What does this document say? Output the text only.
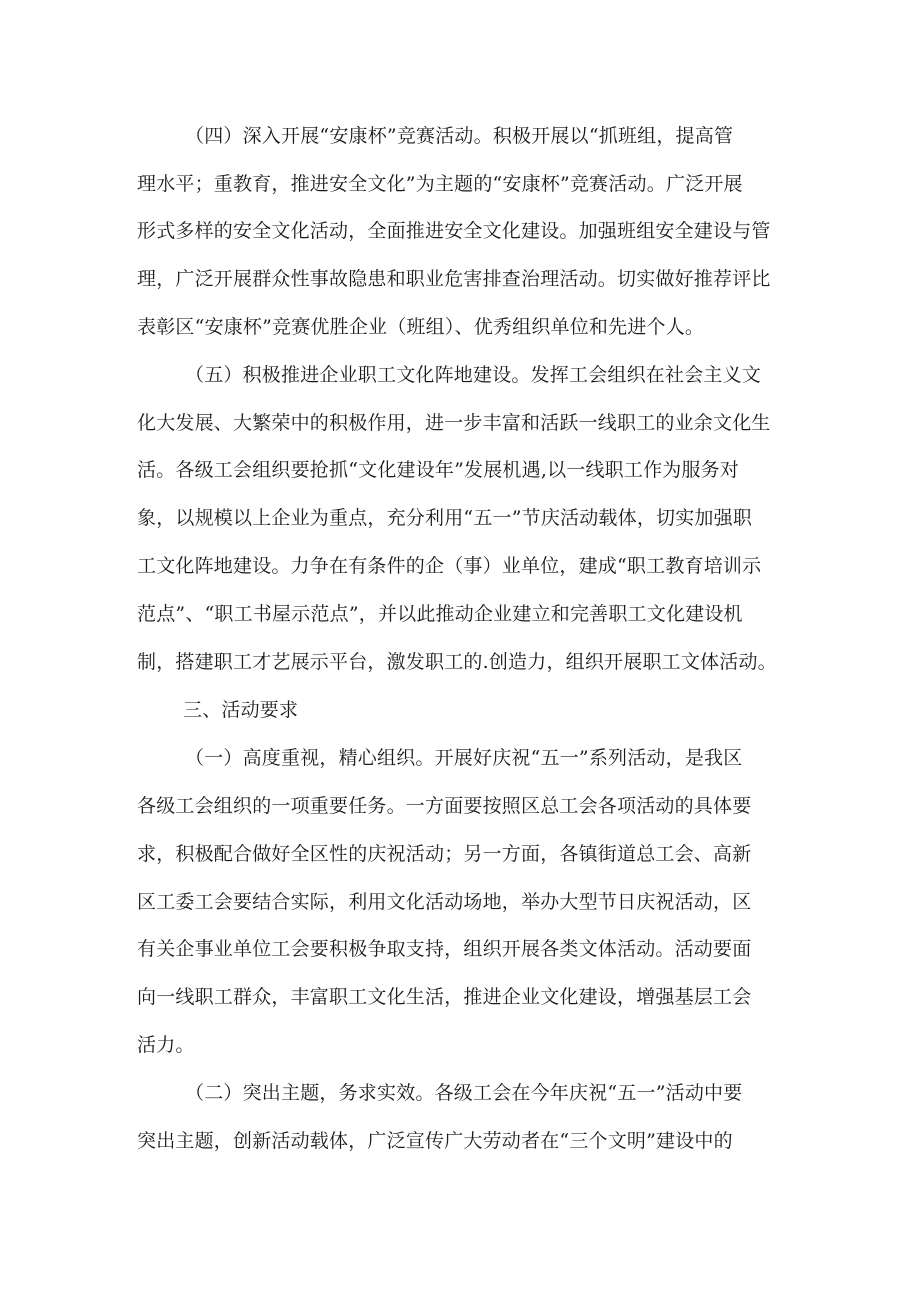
（四）深入开展“安康杯”竞赛活动。积极开展以“抓班组，提高管
理水平；重教育，推进安全文化”为主题的“安康杯”竞赛活动。广泛开展
形式多样的安全文化活动，全面推进安全文化建设。加强班组安全建设与管
理，广泛开展群众性事故隐患和职业危害排查治理活动。切实做好推荐评比
表彰区“安康杯”竞赛优胜企业（班组）、优秀组织单位和先进个人。
（五）积极推进企业职工文化阵地建设。发挥工会组织在社会主义文
化大发展、大繁荣中的积极作用，进一步丰富和活跃一线职工的业余文化生
活。各级工会组织要抢抓“文化建设年”发展机遇,以一线职工作为服务对
象，以规模以上企业为重点，充分利用“五一”节庆活动载体，切实加强职
工文化阵地建设。力争在有条件的企（事）业单位，建成“职工教育培训示
范点”、“职工书屋示范点”，并以此推动企业建立和完善职工文化建设机
制，搭建职工才艺展示平台，激发职工的.创造力，组织开展职工文体活动。
三、活动要求
（一）高度重视，精心组织。开展好庆祝“五一”系列活动，是我区
各级工会组织的一项重要任务。一方面要按照区总工会各项活动的具体要
求，积极配合做好全区性的庆祝活动；另一方面，各镇街道总工会、高新
区工委工会要结合实际，利用文化活动场地，举办大型节日庆祝活动，区
有关企事业单位工会要积极争取支持，组织开展各类文体活动。活动要面
向一线职工群众，丰富职工文化生活，推进企业文化建设，增强基层工会
活力。
（二）突出主题，务求实效。各级工会在今年庆祝“五一”活动中要
突出主题，创新活动载体，广泛宣传广大劳动者在“三个文明”建设中的
